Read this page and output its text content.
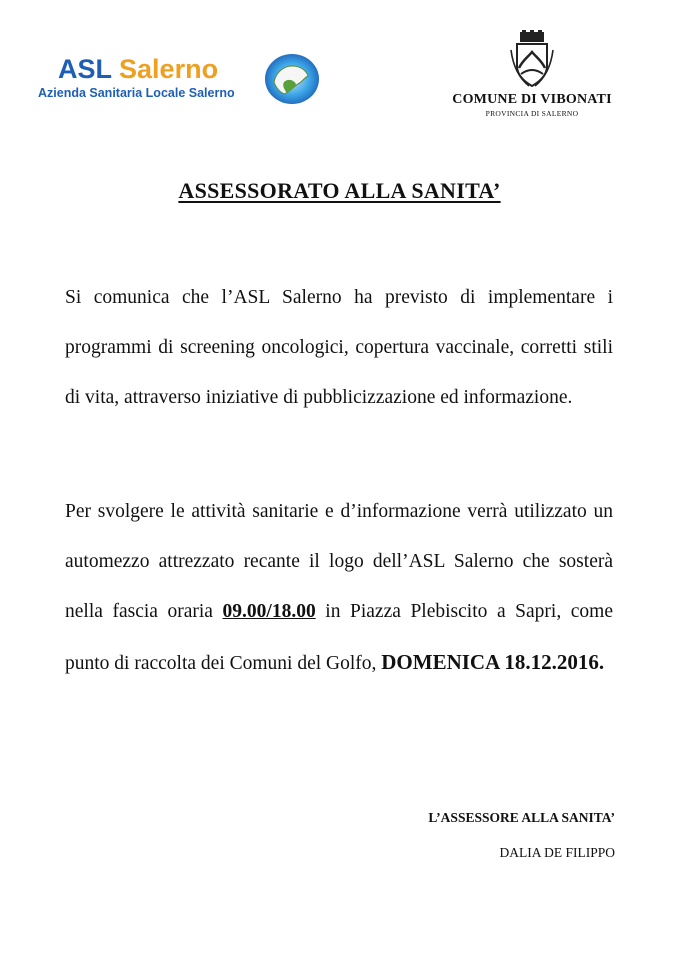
ASL Salerno
Azienda Sanitaria Locale Salerno	COMUNE DI VIBONATI
PROVINCIA DI SALERNO
ASSESSORATO ALLA SANITA’
Si comunica che l’ASL Salerno ha previsto di implementare i programmi di screening oncologici, copertura vaccinale, corretti stili di vita, attraverso iniziative di pubblicizzazione ed informazione.
Per svolgere le attività sanitarie e d’informazione verrà utilizzato un automezzo attrezzato recante il logo dell’ASL Salerno che sosterà nella fascia oraria 09.00/18.00 in Piazza Plebiscito a Sapri, come punto di raccolta dei Comuni del Golfo, DOMENICA 18.12.2016.
L’ASSESSORE ALLA SANITA’
DALIA DE FILIPPO
